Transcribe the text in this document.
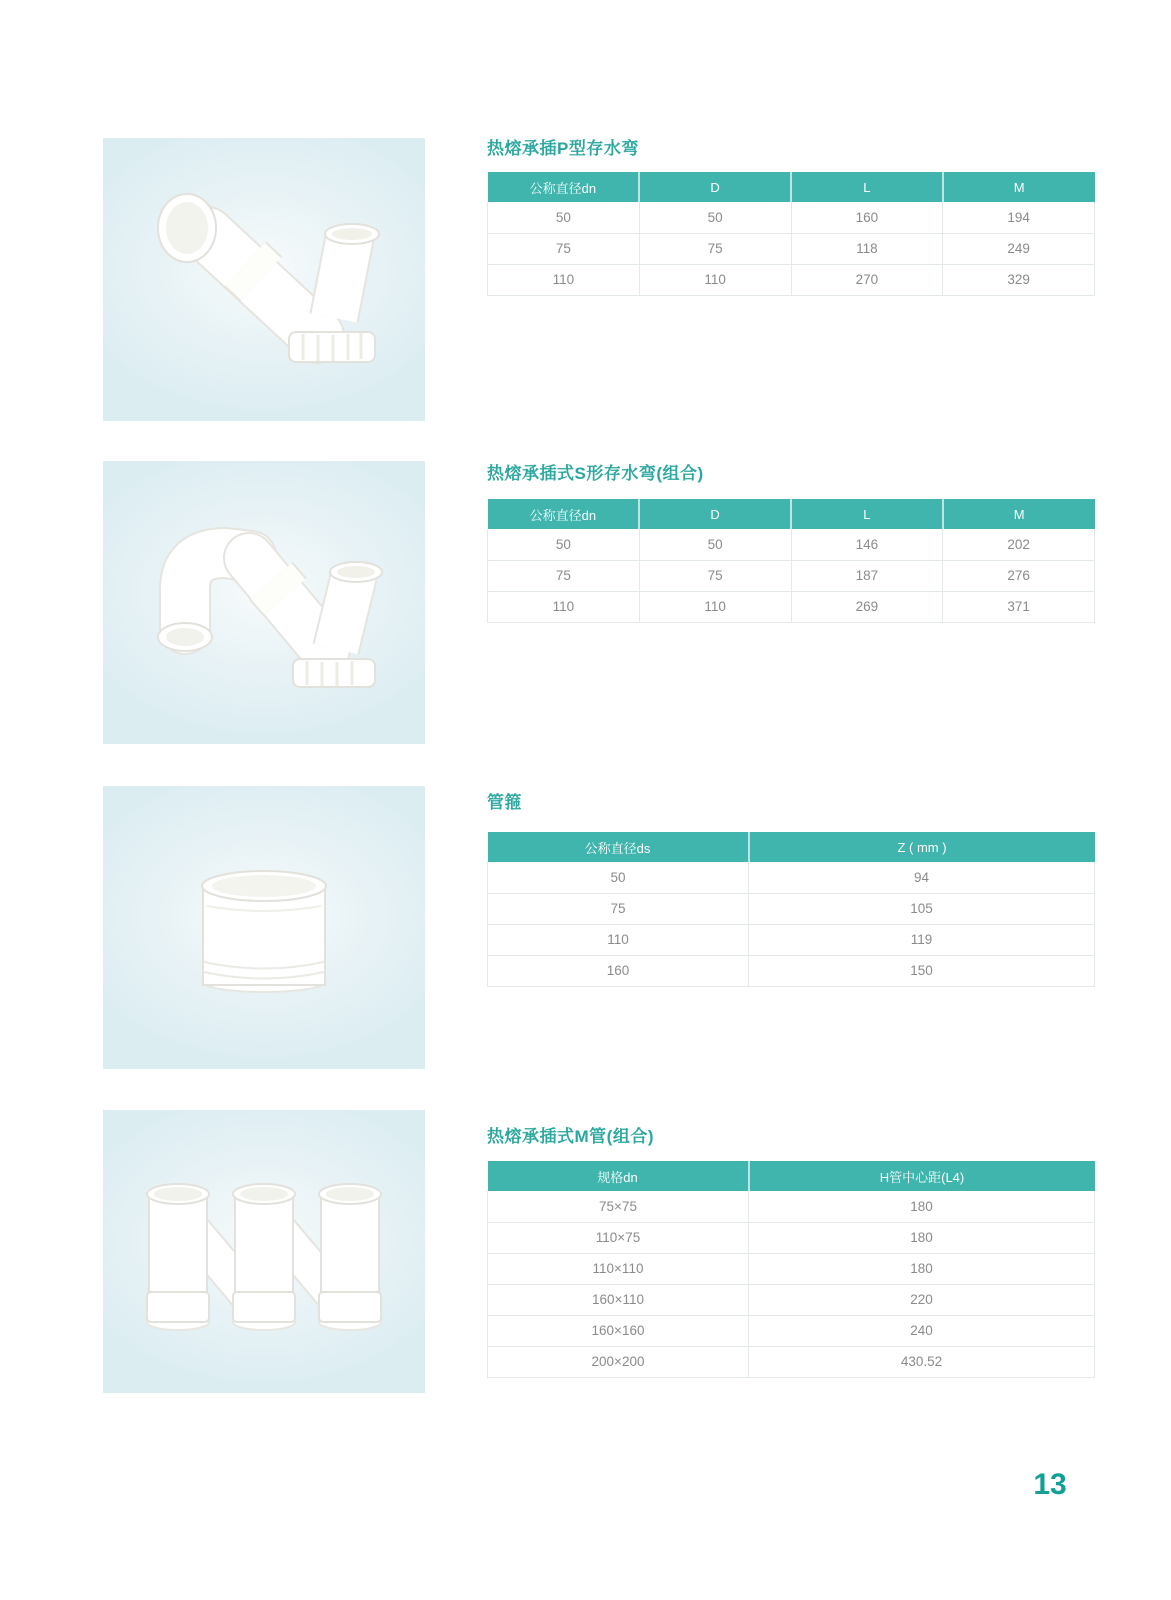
热熔承插P型存水弯
公称直径dn	D	L	M
50	50	160	194
75	75	118	249
110	110	270	329
热熔承插式S形存水弯(组合)
公称直径dn	D	L	M
50	50	146	202
75	75	187	276
110	110	269	371
管箍
公称直径ds	Z ( mm )
50	94
75	105
110	119
160	150
热熔承插式M管(组合)
规格dn	H管中心距(L4)
75×75	180
110×75	180
110×110	180
160×110	220
160×160	240
200×200	430.52
13
